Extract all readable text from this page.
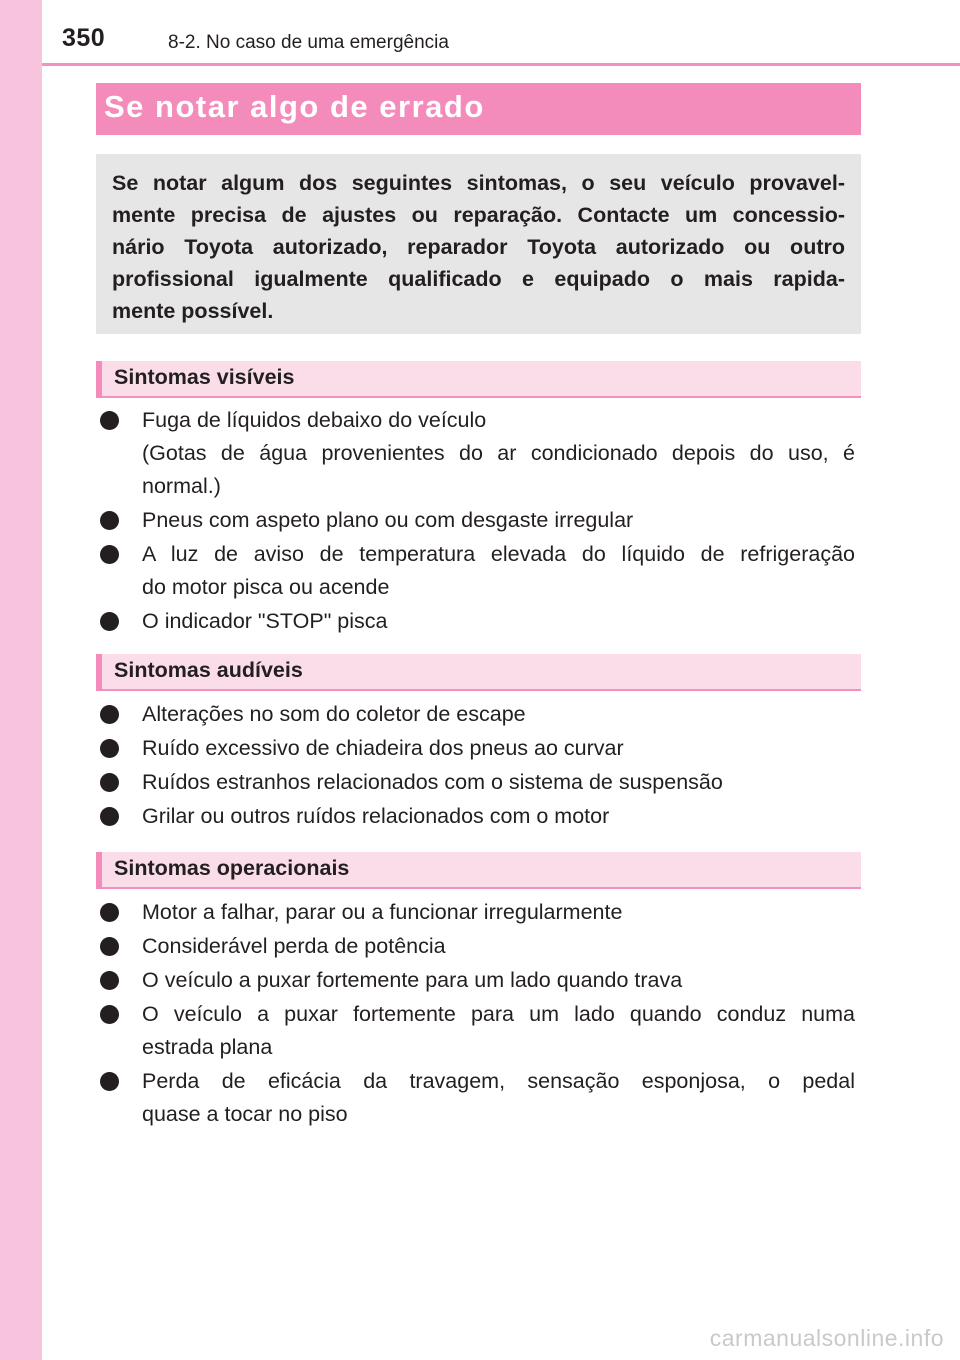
350	8-2. No caso de uma emergência
Se notar algo de errado

Se notar algum dos seguintes sintomas, o seu veículo provavel-
mente precisa de ajustes ou reparação. Contacte um concessio-
nário Toyota autorizado, reparador Toyota autorizado ou outro
profissional igualmente qualificado e equipado o mais rapida-
mente possível.

Sintomas visíveis
Fuga de líquidos debaixo do veículo
(Gotas de água provenientes do ar condicionado depois do uso, é
normal.)
Pneus com aspeto plano ou com desgaste irregular
A luz de aviso de temperatura elevada do líquido de refrigeração
do motor pisca ou acende
O indicador "STOP" pisca
Sintomas audíveis
Alterações no som do coletor de escape
Ruído excessivo de chiadeira dos pneus ao curvar
Ruídos estranhos relacionados com o sistema de suspensão
Grilar ou outros ruídos relacionados com o motor
Sintomas operacionais
Motor a falhar, parar ou a funcionar irregularmente
Considerável perda de potência
O veículo a puxar fortemente para um lado quando trava
O veículo a puxar fortemente para um lado quando conduz numa
estrada plana
Perda de eficácia da travagem, sensação esponjosa, o pedal
quase a tocar no piso
carmanualsonline.info
